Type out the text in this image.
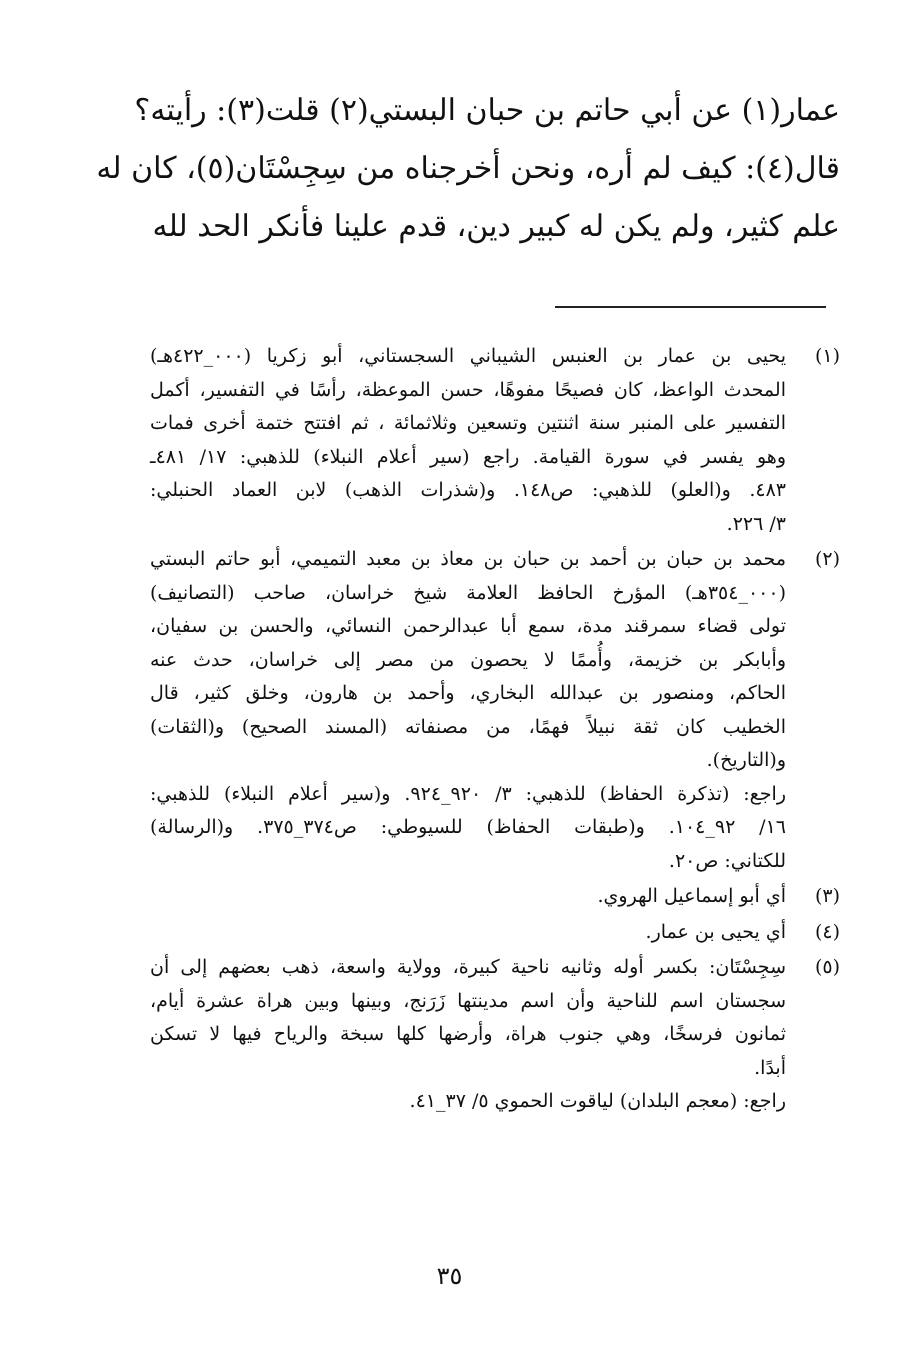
عمار(١) عن أبي حاتم بن حبان البستي(٢) قلت(٣): رأيته؟
قال(٤): كيف لم أره، ونحن أخرجناه من سِجِسْتَان(٥)، كان له
علم كثير، ولم يكن له كبير دين، قدم علينا فأنكر الحد لله
(١)
يحيى بن عمار بن العنبس الشيباني السجستاني، أبو زكريا (٠٠٠_٤٢٢هـ)
المحدث الواعظ، كان فصيحًا مفوهًا، حسن الموعظة، رأسًا في التفسير، أكمل
التفسير على المنبر سنة اثنتين وتسعين وثلاثمائة ، ثم افتتح ختمة أخرى فمات
وهو يفسر في سورة القيامة. راجع (سير أعلام النبلاء) للذهبي: ١٧/ ٤٨١ـ
٤٨٣. و(العلو) للذهبي: ص١٤٨. و(شذرات الذهب) لابن العماد الحنبلي:
٣/ ٢٢٦.
(٢)
محمد بن حبان بن أحمد بن حبان بن معاذ بن معبد التميمي، أبو حاتم البستي
(٠٠٠_٣٥٤هـ) المؤرخ الحافظ العلامة شيخ خراسان، صاحب (التصانيف)
تولى قضاء سمرقند مدة، سمع أبا عبدالرحمن النسائي، والحسن بن سفيان،
وأبابكر بن خزيمة، وأُممًا لا يحصون من مصر إلى خراسان، حدث عنه
الحاكم، ومنصور بن عبدالله البخاري، وأحمد بن هارون، وخلق كثير، قال
الخطيب كان ثقة نبيلاً فهمًا، من مصنفاته (المسند الصحيح) و(الثقات)
و(التاريخ).
راجع: (تذكرة الحفاظ) للذهبي: ٣/ ٩٢٠_٩٢٤. و(سير أعلام النبلاء) للذهبي:
١٦/ ٩٢_١٠٤. و(طبقات الحفاظ) للسيوطي: ص٣٧٤_٣٧٥. و(الرسالة)
للكتاني: ص٢٠.
(٣)
أي أبو إسماعيل الهروي.
(٤)
أي يحيى بن عمار.
(٥)
سِجِسْتَان: بكسر أوله وثانيه ناحية كبيرة، وولاية واسعة، ذهب بعضهم إلى أن
سجستان اسم للناحية وأن اسم مدينتها زَرَنج، وبينها وبين هراة عشرة أيام،
ثمانون فرسخًا، وهي جنوب هراة، وأرضها كلها سبخة والرياح فيها لا تسكن
أبدًا.
راجع: (معجم البلدان) لياقوت الحموي ٥/ ٣٧_٤١.
٣٥
